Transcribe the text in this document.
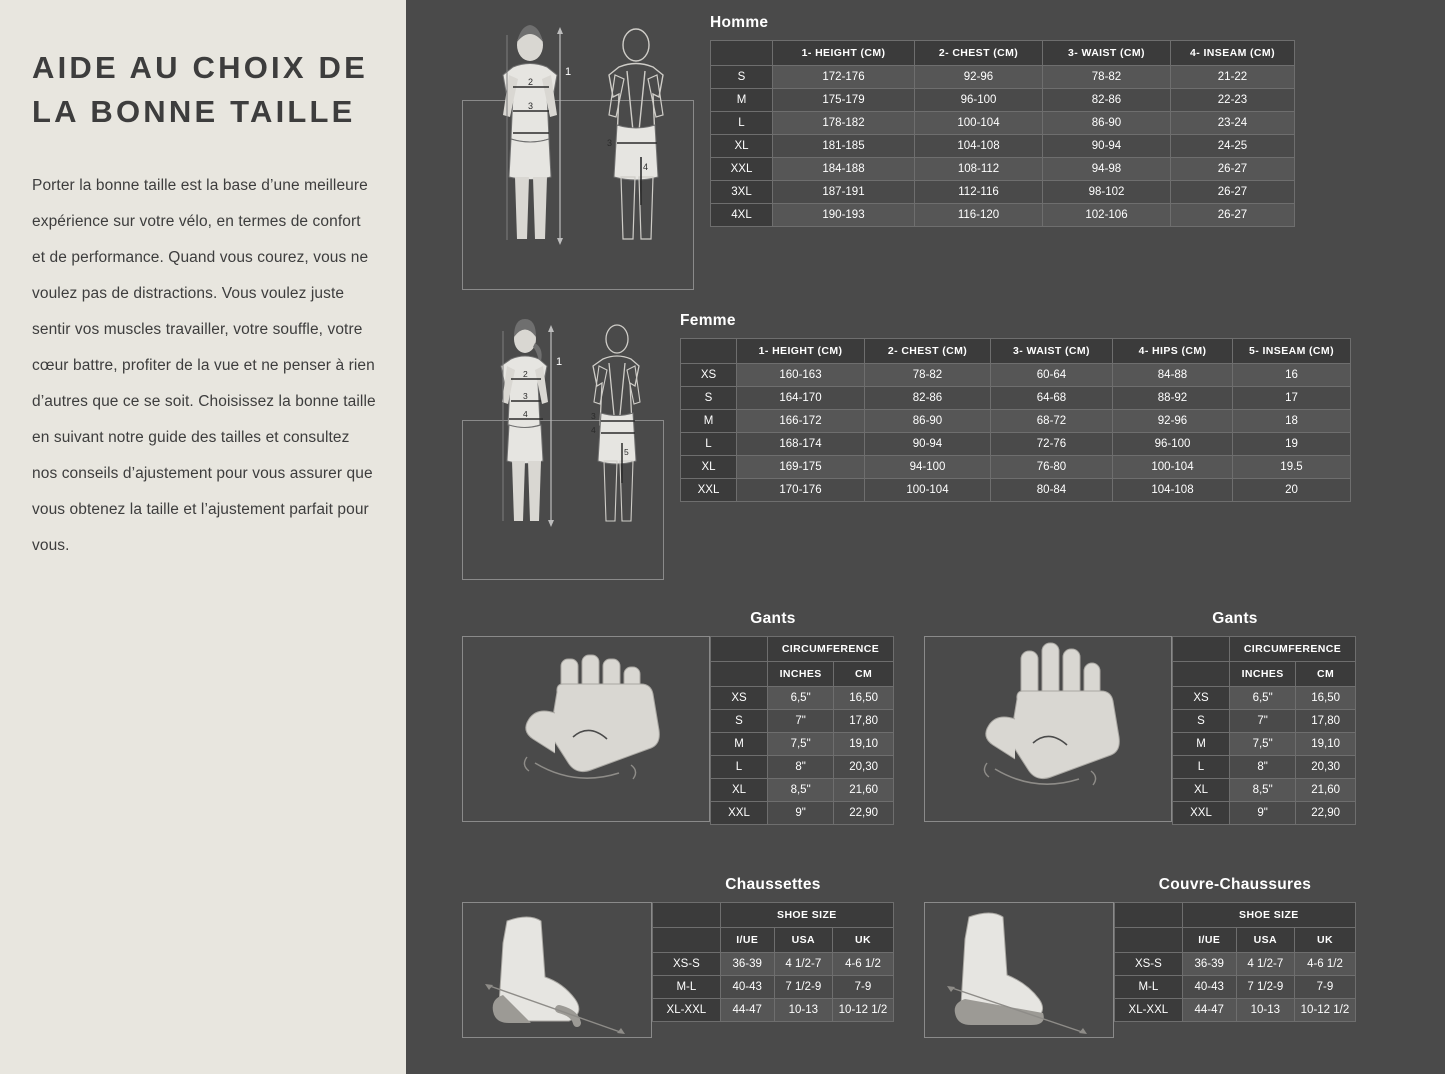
AIDE AU CHOIX DE LA BONNE TAILLE

Porter la bonne taille est la base d’une meilleure expérience sur votre vélo, en termes de confort et de performance. Quand vous courez, vous ne voulez pas de distractions. Vous voulez juste sentir vos muscles travailler, votre souffle, votre cœur battre, profiter de la vue et ne penser à rien d’autres que ce se soit. Choisissez la bonne taille en suivant notre guide des tailles et consultez nos conseils d’ajustement pour vous assurer que vous obtenez la taille et l’ajustement parfait pour vous.

2
3
1
3
4
Homme
	1- HEIGHT (CM)	2- CHEST (CM)	3- WAIST (CM)	4- INSEAM (CM)
S	172-176	92-96	78-82	21-22
M	175-179	96-100	82-86	22-23
L	178-182	100-104	86-90	23-24
XL	181-185	104-108	90-94	24-25
XXL	184-188	108-112	94-98	26-27
3XL	187-191	112-116	98-102	26-27
4XL	190-193	116-120	102-106	26-27
2
3
4
1
3
4
5
Femme
	1- HEIGHT (CM)	2- CHEST (CM)	3- WAIST (CM)	4- HIPS (CM)	5- INSEAM (CM)
XS	160-163	78-82	60-64	84-88	16
S	164-170	82-86	64-68	88-92	17
M	166-172	86-90	68-72	92-96	18
L	168-174	90-94	72-76	96-100	19
XL	169-175	94-100	76-80	100-104	19.5
XXL	170-176	100-104	80-84	104-108	20
Gants
	CIRCUMFERENCE	
	INCHES	CM
XS	6,5"	16,50
S	7"	17,80
M	7,5"	19,10
L	8"	20,30
XL	8,5"	21,60
XXL	9"	22,90
Gants
	CIRCUMFERENCE	
	INCHES	CM
XS	6,5"	16,50
S	7"	17,80
M	7,5"	19,10
L	8"	20,30
XL	8,5"	21,60
XXL	9"	22,90
Chaussettes
	SHOE SIZE		
	I/UE	USA	UK
XS-S	36-39	4 1/2-7	4-6 1/2
M-L	40-43	7 1/2-9	7-9
XL-XXL	44-47	10-13	10-12 1/2
Couvre-Chaussures
	SHOE SIZE		
	I/UE	USA	UK
XS-S	36-39	4 1/2-7	4-6 1/2
M-L	40-43	7 1/2-9	7-9
XL-XXL	44-47	10-13	10-12 1/2
